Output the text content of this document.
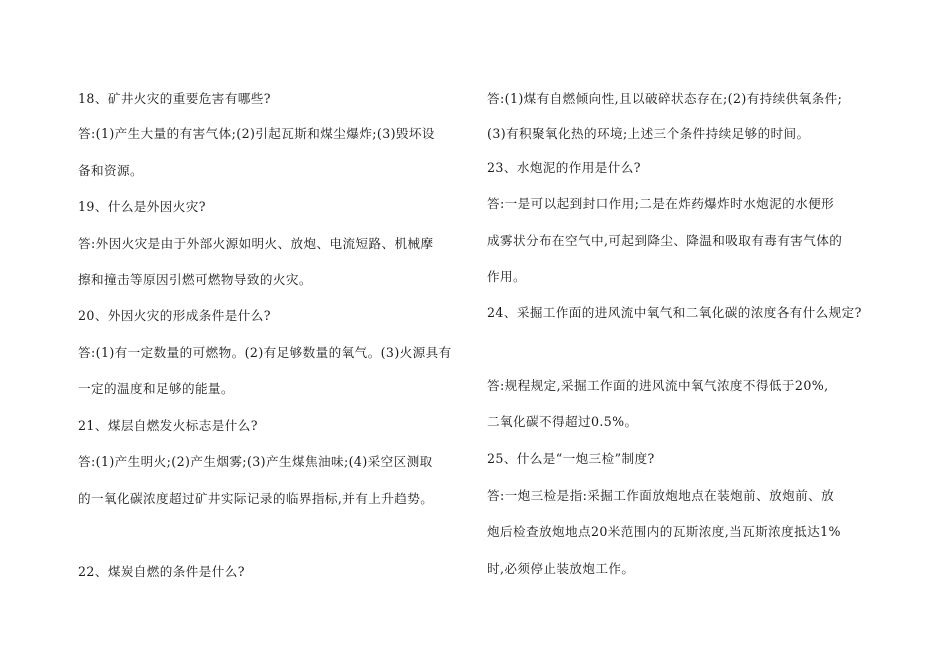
18、矿井火灾的重要危害有哪些?
答:(1)产生大量的有害气体;(2)引起瓦斯和煤尘爆炸;(3)毁坏设
备和资源。
19、什么是外因火灾?
答:外因火灾是由于外部火源如明火、放炮、电流短路、机械摩
擦和撞击等原因引燃可燃物导致的火灾。
20、外因火灾的形成条件是什么?
答:(1)有一定数量的可燃物。(2)有足够数量的氧气。(3)火源具有
一定的温度和足够的能量。
21、煤层自燃发火标志是什么?
答:(1)产生明火;(2)产生烟雾;(3)产生煤焦油味;(4)采空区测取
的一氧化碳浓度超过矿井实际记录的临界指标,并有上升趋势。
22、煤炭自燃的条件是什么?
答:(1)煤有自燃倾向性,且以破碎状态存在;(2)有持续供氧条件;
(3)有积聚氧化热的环境;上述三个条件持续足够的时间。
23、水炮泥的作用是什么?
答:一是可以起到封口作用;二是在炸药爆炸时水炮泥的水便形
成雾状分布在空气中,可起到降尘、降温和吸取有毒有害气体的
作用。
24、采掘工作面的进风流中氧气和二氧化碳的浓度各有什么规定?
答:规程规定,采掘工作面的进风流中氧气浓度不得低于20%,
二氧化碳不得超过0.5%。
25、什么是“一炮三检”制度?
答:一炮三检是指:采掘工作面放炮地点在装炮前、放炮前、放
炮后检查放炮地点20米范围内的瓦斯浓度,当瓦斯浓度抵达1%
时,必须停止装放炮工作。
